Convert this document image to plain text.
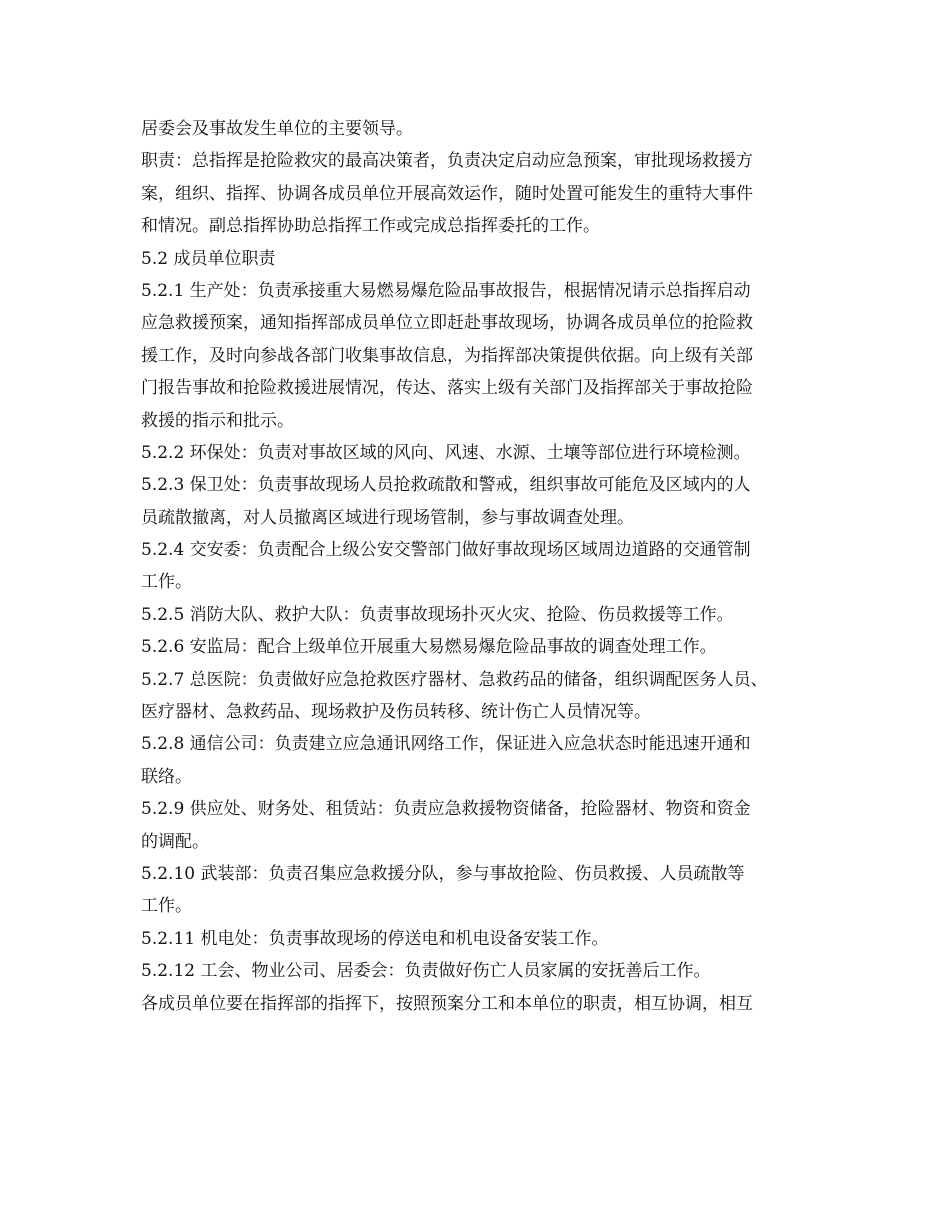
居委会及事故发生单位的主要领导。
职责：总指挥是抢险救灾的最高决策者，负责决定启动应急预案，审批现场救援方
案，组织、指挥、协调各成员单位开展高效运作，随时处置可能发生的重特大事件
和情况。副总指挥协助总指挥工作或完成总指挥委托的工作。
5.2 成员单位职责
5.2.1 生产处：负责承接重大易燃易爆危险品事故报告，根据情况请示总指挥启动
应急救援预案，通知指挥部成员单位立即赶赴事故现场，协调各成员单位的抢险救
援工作，及时向参战各部门收集事故信息，为指挥部决策提供依据。向上级有关部
门报告事故和抢险救援进展情况，传达、落实上级有关部门及指挥部关于事故抢险
救援的指示和批示。
5.2.2 环保处：负责对事故区域的风向、风速、水源、土壤等部位进行环境检测。
5.2.3 保卫处：负责事故现场人员抢救疏散和警戒，组织事故可能危及区域内的人
员疏散撤离，对人员撤离区域进行现场管制，参与事故调查处理。
5.2.4 交安委：负责配合上级公安交警部门做好事故现场区域周边道路的交通管制
工作。
5.2.5 消防大队、救护大队：负责事故现场扑灭火灾、抢险、伤员救援等工作。
5.2.6 安监局：配合上级单位开展重大易燃易爆危险品事故的调查处理工作。
5.2.7 总医院：负责做好应急抢救医疗器材、急救药品的储备，组织调配医务人员、
医疗器材、急救药品、现场救护及伤员转移、统计伤亡人员情况等。
5.2.8 通信公司：负责建立应急通讯网络工作，保证进入应急状态时能迅速开通和
联络。
5.2.9 供应处、财务处、租赁站：负责应急救援物资储备，抢险器材、物资和资金
的调配。
5.2.10 武装部：负责召集应急救援分队，参与事故抢险、伤员救援、人员疏散等
工作。
5.2.11 机电处：负责事故现场的停送电和机电设备安装工作。
5.2.12 工会、物业公司、居委会：负责做好伤亡人员家属的安抚善后工作。
各成员单位要在指挥部的指挥下，按照预案分工和本单位的职责，相互协调，相互
